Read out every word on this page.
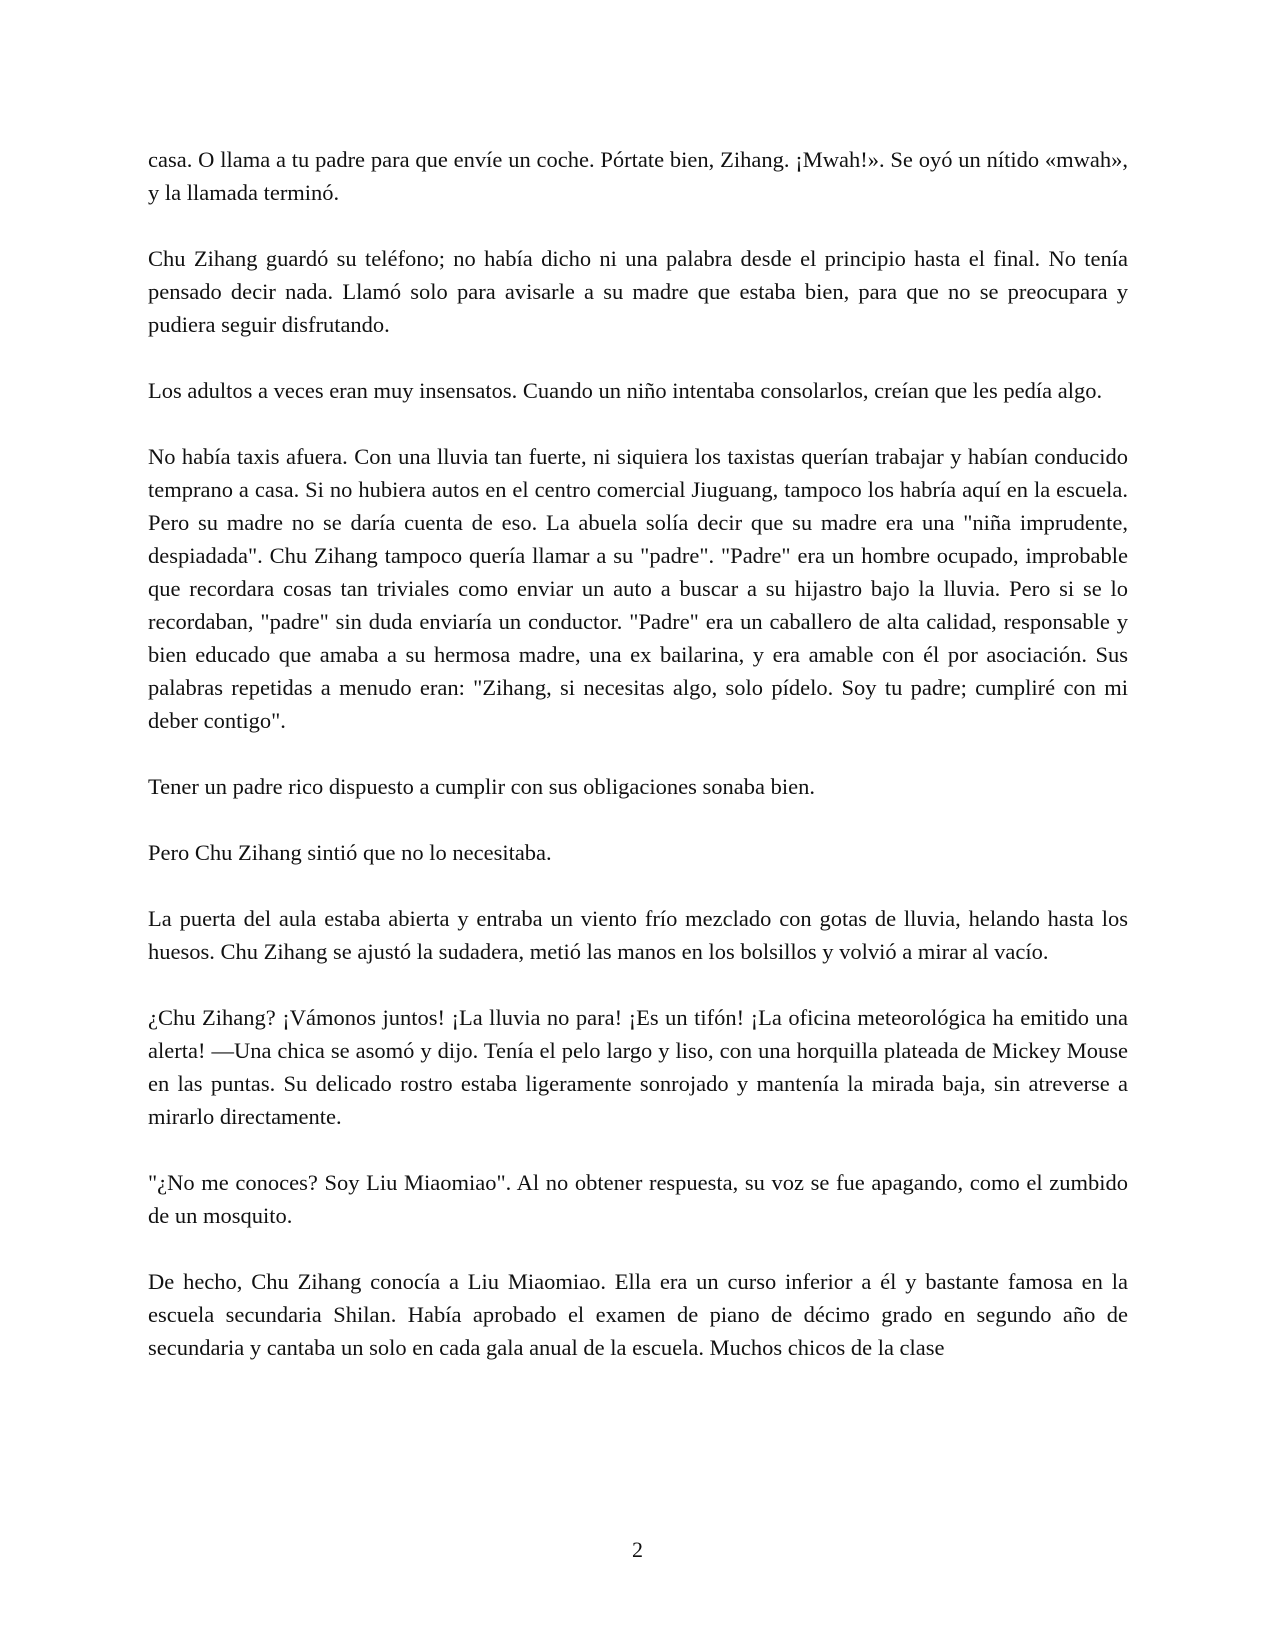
casa. O llama a tu padre para que envíe un coche. Pórtate bien, Zihang. ¡Mwah!». Se oyó un nítido «mwah», y la llamada terminó.

Chu Zihang guardó su teléfono; no había dicho ni una palabra desde el principio hasta el final. No tenía pensado decir nada. Llamó solo para avisarle a su madre que estaba bien, para que no se preocupara y pudiera seguir disfrutando.

Los adultos a veces eran muy insensatos. Cuando un niño intentaba consolarlos, creían que les pedía algo.

No había taxis afuera. Con una lluvia tan fuerte, ni siquiera los taxistas querían trabajar y habían conducido temprano a casa. Si no hubiera autos en el centro comercial Jiuguang, tampoco los habría aquí en la escuela. Pero su madre no se daría cuenta de eso. La abuela solía decir que su madre era una "niña imprudente, despiadada". Chu Zihang tampoco quería llamar a su "padre". "Padre" era un hombre ocupado, improbable que recordara cosas tan triviales como enviar un auto a buscar a su hijastro bajo la lluvia. Pero si se lo recordaban, "padre" sin duda enviaría un conductor. "Padre" era un caballero de alta calidad, responsable y bien educado que amaba a su hermosa madre, una ex bailarina, y era amable con él por asociación. Sus palabras repetidas a menudo eran: "Zihang, si necesitas algo, solo pídelo. Soy tu padre; cumpliré con mi deber contigo".

Tener un padre rico dispuesto a cumplir con sus obligaciones sonaba bien.

Pero Chu Zihang sintió que no lo necesitaba.

La puerta del aula estaba abierta y entraba un viento frío mezclado con gotas de lluvia, helando hasta los huesos. Chu Zihang se ajustó la sudadera, metió las manos en los bolsillos y volvió a mirar al vacío.

¿Chu Zihang? ¡Vámonos juntos! ¡La lluvia no para! ¡Es un tifón! ¡La oficina meteorológica ha emitido una alerta! —Una chica se asomó y dijo. Tenía el pelo largo y liso, con una horquilla plateada de Mickey Mouse en las puntas. Su delicado rostro estaba ligeramente sonrojado y mantenía la mirada baja, sin atreverse a mirarlo directamente.

"¿No me conoces? Soy Liu Miaomiao". Al no obtener respuesta, su voz se fue apagando, como el zumbido de un mosquito.

De hecho, Chu Zihang conocía a Liu Miaomiao. Ella era un curso inferior a él y bastante famosa en la escuela secundaria Shilan. Había aprobado el examen de piano de décimo grado en segundo año de secundaria y cantaba un solo en cada gala anual de la escuela. Muchos chicos de la clase

2
